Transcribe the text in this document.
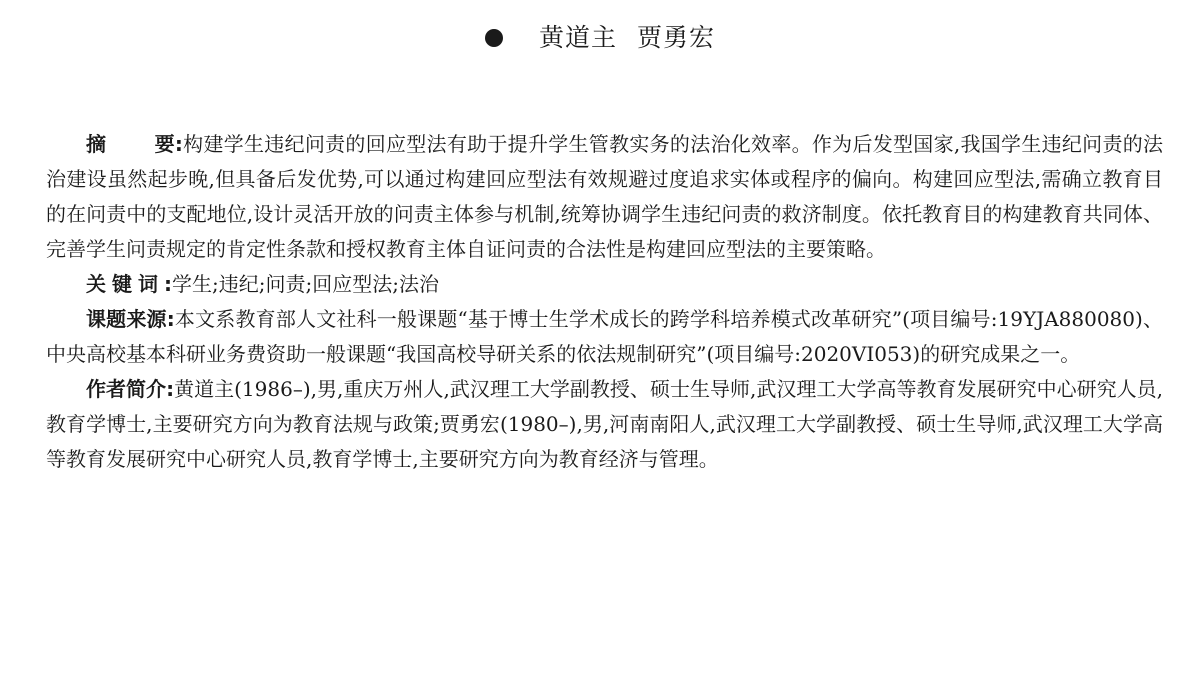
黄道主 贾勇宏

摘 要:构建学生违纪问责的回应型法有助于提升学生管教实务的法治化效率。作为后发型国家,我国学生违纪问责的法治建设虽然起步晚,但具备后发优势,可以通过构建回应型法有效规避过度追求实体或程序的偏向。构建回应型法,需确立教育目的在问责中的支配地位,设计灵活开放的问责主体参与机制,统筹协调学生违纪问责的救济制度。依托教育目的构建教育共同体、完善学生问责规定的肯定性条款和授权教育主体自证问责的合法性是构建回应型法的主要策略。

关键词:学生;违纪;问责;回应型法;法治

课题来源:本文系教育部人文社科一般课题“基于博士生学术成长的跨学科培养模式改革研究”(项目编号:19YJA880080)、中央高校基本科研业务费资助一般课题“我国高校导研关系的依法规制研究”(项目编号:2020VI053)的研究成果之一。

作者简介:黄道主(1986–),男,重庆万州人,武汉理工大学副教授、硕士生导师,武汉理工大学高等教育发展研究中心研究人员,教育学博士,主要研究方向为教育法规与政策;贾勇宏(1980–),男,河南南阳人,武汉理工大学副教授、硕士生导师,武汉理工大学高等教育发展研究中心研究人员,教育学博士,主要研究方向为教育经济与管理。
